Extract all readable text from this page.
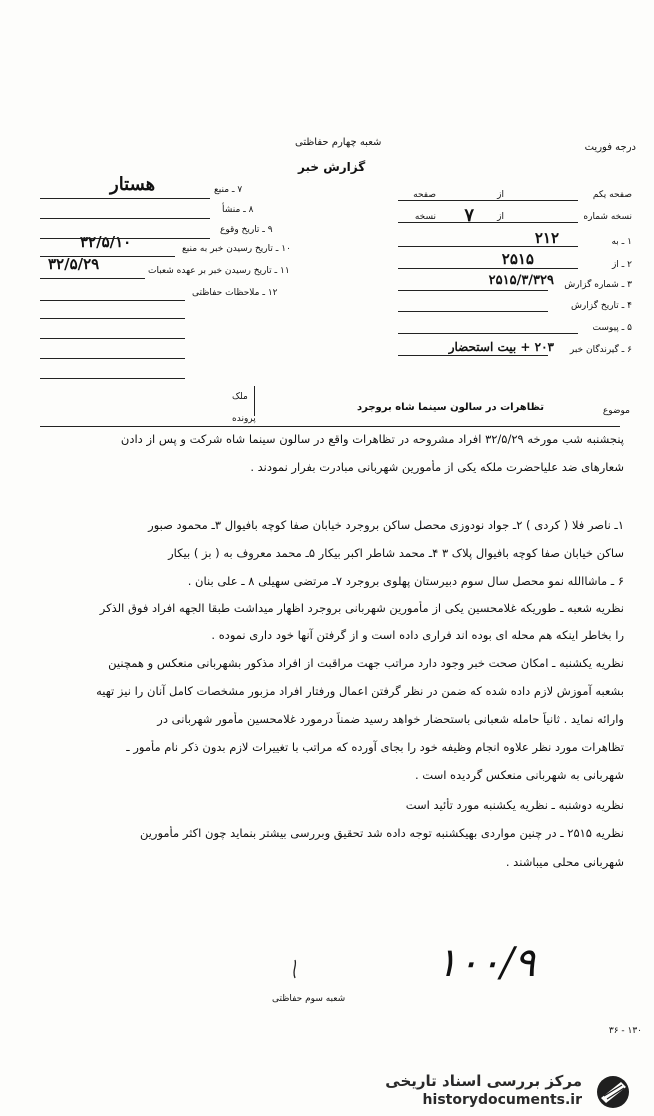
درجه فوریت
شعبه چهارم حفاظتی
گزارش خبر
صفحه یکم
از
صفحه
نسخه شماره
از
۷
نسخه
۱ ـ به
۲۱۲
۲ ـ از
۲۵۱۵
۳ ـ شماره گزارش
۲۵۱۵/۳/۳۲۹
۴ ـ تاریخ گزارش
۵ ـ پیوست
۶ ـ گیرندگان خبر
۲۰۳ + بیت استحضار
۷ ـ منبع
هستار
۸ ـ منشأ
۹ ـ تاریخ وقوع
۱۰ ـ تاریخ رسیدن خبر به منبع
۳۲/۵/۱۰
۱۱ ـ تاریخ رسیدن خبر بر عهده شعبات
۳۲/۵/۲۹
۱۲ ـ ملاحظات حفاظتی
ملک
پرونده
موضوع
تظاهرات در سالون سینما شاه بروجرد
پنجشنبه شب مورخه ۳۲/۵/۲۹ افراد مشروحه در تظاهرات واقع در سالون سینما شاه شرکت و پس از دادن
شعارهای ضد علیاحضرت ملکه یکی از مأمورین شهربانی مبادرت بفرار نمودند .
۱ـ ناصر فلا ( کردی ) ۲ـ جواد نودوزی محصل ساکن بروجرد خیابان صفا کوچه بافیوال ۳ـ محمود صبور
ساکن خیابان صفا کوچه بافیوال پلاک ۳ ۴ـ محمد شاطر اکبر بیکار ۵ـ محمد معروف به ( بز ) بیکار
۶ ـ ماشاالله نمو محصل سال سوم دبیرستان پهلوی بروجرد ۷ـ مرتضی سهیلی ۸ ـ علی بنان .
نظریه شعبه ـ طوریکه غلامحسین یکی از مأمورین شهربانی بروجرد اظهار میداشت طبقا الجهه افراد فوق الذکر
را بخاطر اینکه هم محله ای بوده اند فراری داده است و از گرفتن آنها خود داری نموده .
نظریه یکشنبه ـ امکان صحت خبر وجود دارد مراتب جهت مراقبت از افراد مذکور بشهربانی منعکس و همچنین
بشعبه آموزش لازم داده شده که ضمن در نظر گرفتن اعمال ورفتار افراد مزبور مشخصات کامل آنان را نیز تهیه
وارائه نماید . ثانیاً حامله شعبانی باستحضار خواهد رسید ضمناً درمورد غلامحسین مأمور شهربانی در
تظاهرات مورد نظر علاوه انجام وظیفه خود را بجای آورده که مراتب با تغییرات لازم بدون ذکر نام مأمور ـ
شهربانی به شهربانی منعکس گردیده است .
نظریه دوشنبه ـ نظریه یکشنبه مورد تأئید است
نظریه ۲۵۱۵ ـ در چنین مواردی بهیکشنبه توجه داده شد تحقیق وبررسی بیشتر بنماید چون اکثر مأمورین
شهربانی محلی میباشند .
۱۰۰/۹
شعبه سوم حفاظتی
۳۶ - ۱۳۰
مرکز بررسی اسناد تاریخی
historydocuments.ir
